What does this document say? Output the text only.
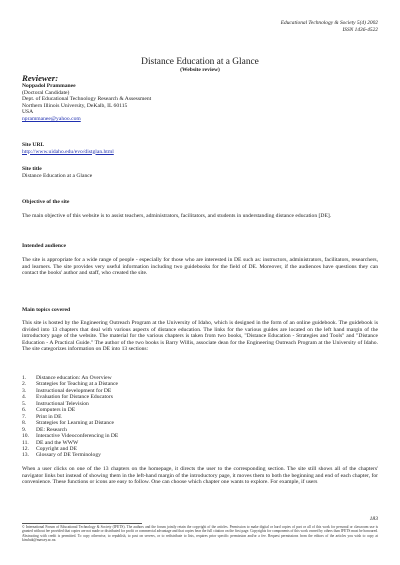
Educational Technology & Society 5(4) 2002
ISSN 1436-4522
Distance Education at a Glance
(Website review)
Reviewer:
Noppadol Prammanee
(Doctoral Candidate)
Dept. of Educational Technology Research & Assessment
Northern Illinois University, DeKalb, IL 60115
USA
nprammanee@yahoo.com
Site URL
http://www.uidaho.edu/evo/distglan.html
Site title
Distance Education at a Glance
Objective of the site
The main objective of this website is to assist teachers, administrators, facilitators, and students in understanding distance education [DE].
Intended audience
The site is appropriate for a wide range of people - especially for those who are interested in DE such as: instructors, administrators, facilitators, researchers, and learners. The site provides very useful information including two guidebooks for the field of DE. Moreover, if the audiences have questions they can contact the books' author and staff, who created the site.
Main topics covered
This site is hosted by the Engineering Outreach Program at the University of Idaho, which is designed in the form of an online guidebook. The guidebook is divided into 13 chapters that deal with various aspects of distance education. The links for the various guides are located on the left hand margin of the introductory page of the website. The material for the various chapters is taken from two books, "Distance Education - Strategies and Tools" and "Distance Education - A Practical Guide." The author of the two books is Barry Willis, associate dean for the Engineering Outreach Program at the University of Idaho. The site categorizes information on DE into 13 sections:
1. Distance education: An Overview
2. Strategies for Teaching at a Distance
3. Instructional development for DE
4. Evaluation for Distance Educators
5. Instructional Television
6. Computers in DE
7. Print in DE
8. Strategies for Learning at Distance
9. DE: Research
10. Interactive Videoconferencing in DE
11. DE and the WWW
12. Copyright and DE
13. Glossary of DE Terminology
When a user clicks on one of the 13 chapters on the homepage, it directs the user to the corresponding section. The site still shows all of the chapters' navigator links but instead of showing them in the left-hand margin of the introductory page, it moves them to both the beginning and end of each chapter, for convenience. These functions or icons are easy to follow. One can choose which chapter one wants to explore. For example, if users
183
© International Forum of Educational Technology & Society (IFETS). The authors and the forum jointly retain the copyright of the articles. Permission to make digital or hard copies of part or all of this work for personal or classroom use is granted without fee provided that copies are not made or distributed for profit or commercial advantage and that copies bear the full citation on the first page. Copyrights for components of this work owned by others than IFETS must be honoured. Abstracting with credit is permitted. To copy otherwise, to republish, to post on servers, or to redistribute to lists, requires prior specific permission and/or a fee. Request permissions from the editors of the articles you wish to copy at kinshuk@massey.ac.nz.
